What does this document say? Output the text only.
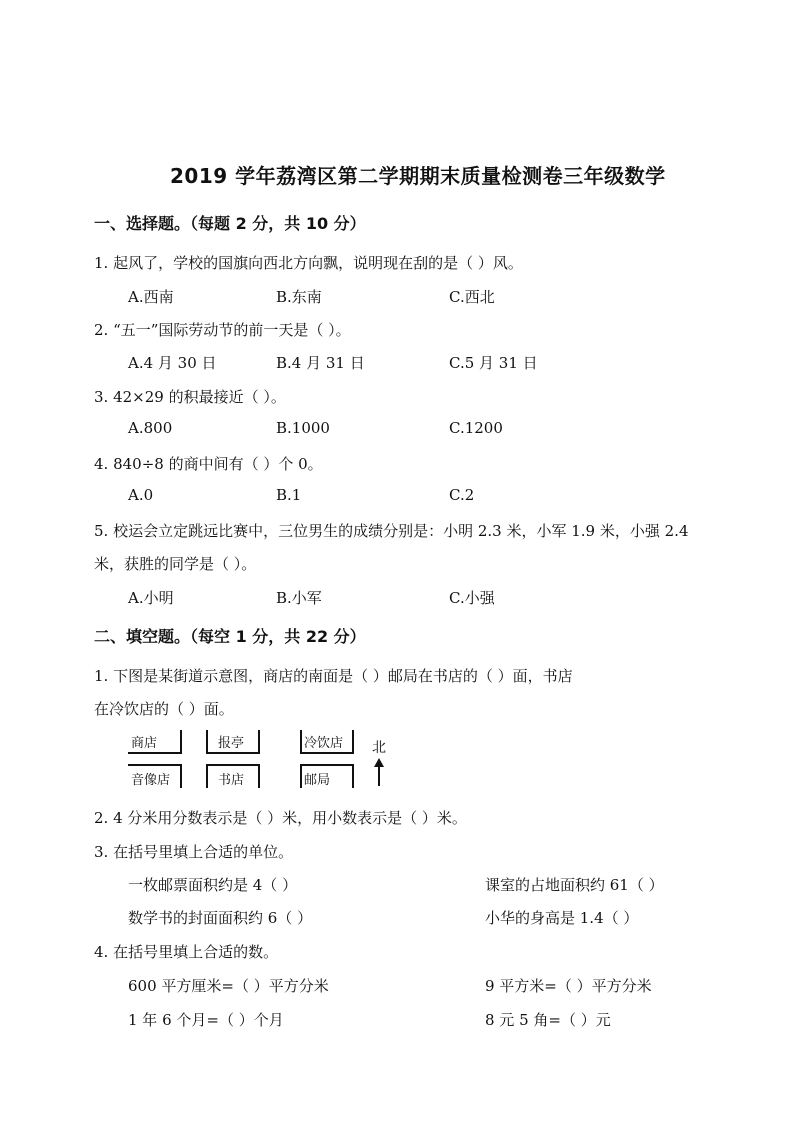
2019 学年荔湾区第二学期期末质量检测卷三年级数学
一、选择题。（每题 2 分，共 10 分）
1. 起风了，学校的国旗向西北方向飘，说明现在刮的是（ ）风。
A.西南	B.东南	C.西北
2. “五一”国际劳动节的前一天是（ ）。
A.4 月 30 日	B.4 月 31 日	C.5 月 31 日
3. 42×29 的积最接近（ ）。
A.800	B.1000	C.1200
4. 840÷8 的商中间有（ ）个 0。
A.0	B.1	C.2
5. 校运会立定跳远比赛中，三位男生的成绩分别是：小明 2.3 米，小军 1.9 米，小强 2.4
米，获胜的同学是（ ）。
A.小明	B.小军	C.小强
二、填空题。（每空 1 分，共 22 分）
1. 下图是某街道示意图，商店的南面是（ ）邮局在书店的（ ）面，书店
在冷饮店的（ ）面。
商店	报亭	冷饮店
音像店	书店	邮局
北
2. 4 分米用分数表示是（ ）米，用小数表示是（ ）米。
3. 在括号里填上合适的单位。
一枚邮票面积约是 4（ ）	课室的占地面积约 61（ ）
数学书的封面面积约 6（ ）	小华的身高是 1.4（ ）
4. 在括号里填上合适的数。
600 平方厘米=（ ）平方分米	9 平方米=（ ）平方分米
1 年 6 个月=（ ）个月	8 元 5 角=（ ）元
